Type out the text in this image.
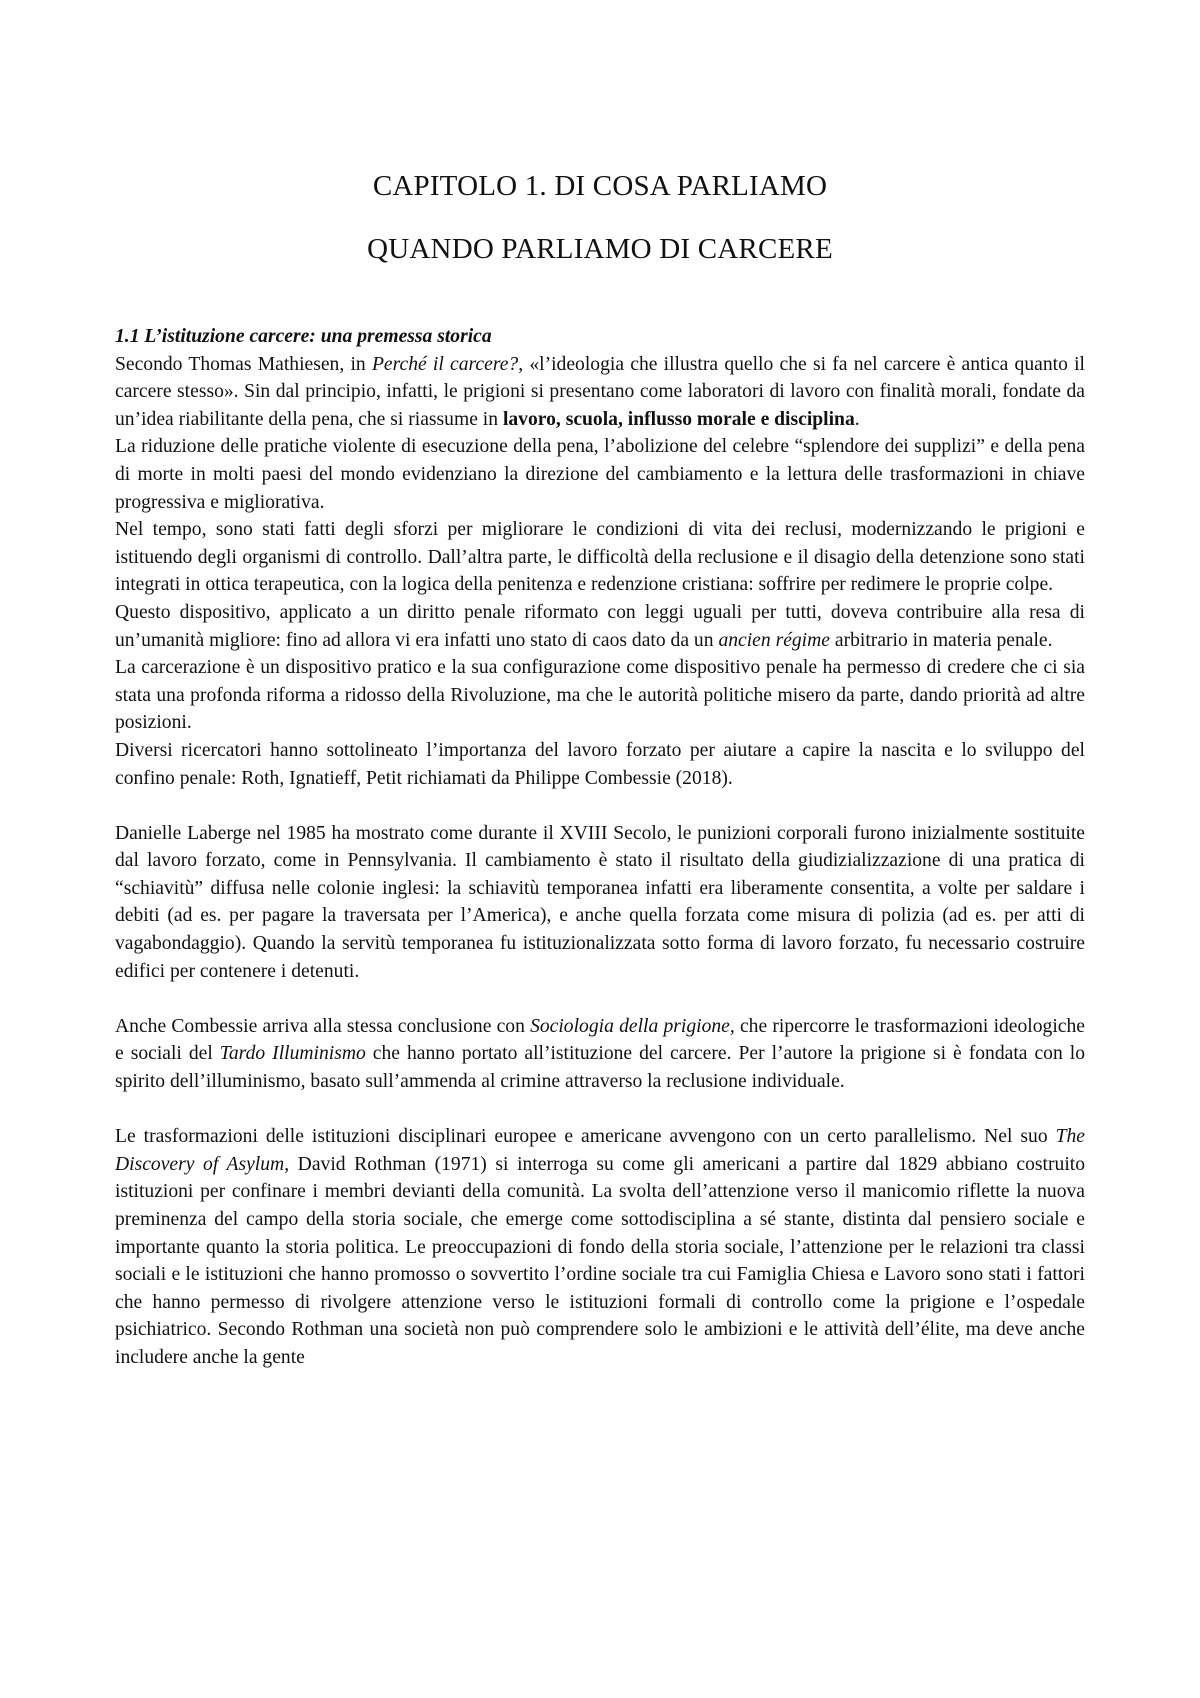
CAPITOLO 1. DI COSA PARLIAMO
QUANDO PARLIAMO DI CARCERE
1.1 L’istituzione carcere: una premessa storica

Secondo Thomas Mathiesen, in Perché il carcere?, «l’ideologia che illustra quello che si fa nel carcere è antica quanto il carcere stesso». Sin dal principio, infatti, le prigioni si presentano come laboratori di lavoro con finalità morali, fondate da un’idea riabilitante della pena, che si riassume in lavoro, scuola, influsso morale e disciplina.

La riduzione delle pratiche violente di esecuzione della pena, l’abolizione del celebre “splendore dei supplizi” e della pena di morte in molti paesi del mondo evidenziano la direzione del cambiamento e la lettura delle trasformazioni in chiave progressiva e migliorativa.

Nel tempo, sono stati fatti degli sforzi per migliorare le condizioni di vita dei reclusi, modernizzando le prigioni e istituendo degli organismi di controllo. Dall’altra parte, le difficoltà della reclusione e il disagio della detenzione sono stati integrati in ottica terapeutica, con la logica della penitenza e redenzione cristiana: soffrire per redimere le proprie colpe.

Questo dispositivo, applicato a un diritto penale riformato con leggi uguali per tutti, doveva contribuire alla resa di un’umanità migliore: fino ad allora vi era infatti uno stato di caos dato da un ancien régime arbitrario in materia penale.

La carcerazione è un dispositivo pratico e la sua configurazione come dispositivo penale ha permesso di credere che ci sia stata una profonda riforma a ridosso della Rivoluzione, ma che le autorità politiche misero da parte, dando priorità ad altre posizioni.

Diversi ricercatori hanno sottolineato l’importanza del lavoro forzato per aiutare a capire la nascita e lo sviluppo del confino penale: Roth, Ignatieff, Petit richiamati da Philippe Combessie (2018).

Danielle Laberge nel 1985 ha mostrato come durante il XVIII Secolo, le punizioni corporali furono inizialmente sostituite dal lavoro forzato, come in Pennsylvania. Il cambiamento è stato il risultato della giudizializzazione di una pratica di “schiavitù” diffusa nelle colonie inglesi: la schiavitù temporanea infatti era liberamente consentita, a volte per saldare i debiti (ad es. per pagare la traversata per l’America), e anche quella forzata come misura di polizia (ad es. per atti di vagabondaggio). Quando la servitù temporanea fu istituzionalizzata sotto forma di lavoro forzato, fu necessario costruire edifici per contenere i detenuti.

Anche Combessie arriva alla stessa conclusione con Sociologia della prigione, che ripercorre le trasformazioni ideologiche e sociali del Tardo Illuminismo che hanno portato all’istituzione del carcere. Per l’autore la prigione si è fondata con lo spirito dell’illuminismo, basato sull’ammenda al crimine attraverso la reclusione individuale.

Le trasformazioni delle istituzioni disciplinari europee e americane avvengono con un certo parallelismo. Nel suo The Discovery of Asylum, David Rothman (1971) si interroga su come gli americani a partire dal 1829 abbiano costruito istituzioni per confinare i membri devianti della comunità. La svolta dell’attenzione verso il manicomio riflette la nuova preminenza del campo della storia sociale, che emerge come sottodisciplina a sé stante, distinta dal pensiero sociale e importante quanto la storia politica. Le preoccupazioni di fondo della storia sociale, l’attenzione per le relazioni tra classi sociali e le istituzioni che hanno promosso o sovvertito l’ordine sociale tra cui Famiglia Chiesa e Lavoro sono stati i fattori che hanno permesso di rivolgere attenzione verso le istituzioni formali di controllo come la prigione e l’ospedale psichiatrico. Secondo Rothman una società non può comprendere solo le ambizioni e le attività dell’élite, ma deve anche includere anche la gente
